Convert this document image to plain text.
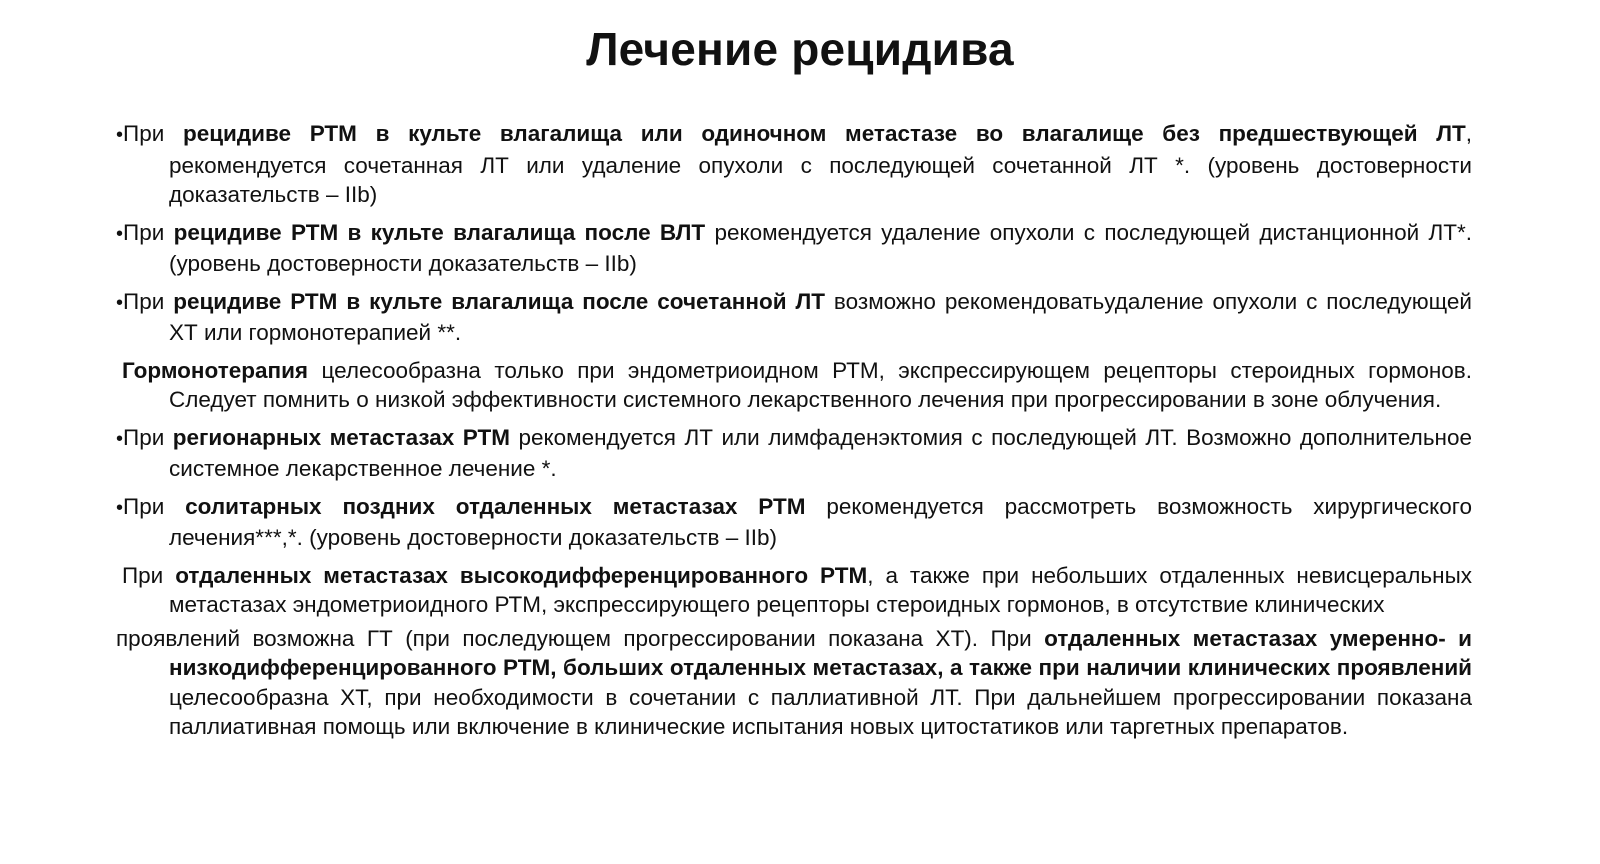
Лечение рецидива

•При рецидиве РТМ в культе влагалища или одиночном метастазе во влагалище без предшествующей ЛТ, рекомендуется сочетанная ЛТ или удаление опухоли с последующей сочетанной ЛТ *. (уровень достоверности доказательств – IIb)

•При рецидиве РТМ в культе влагалища после ВЛТ рекомендуется удаление опухоли с последующей дистанционной ЛТ*. (уровень достоверности доказательств – IIb)

•При рецидиве РТМ в культе влагалища после сочетанной ЛТ возможно рекомендоватьудаление опухоли с последующей ХТ или гормонотерапией **.

Гормонотерапия целесообразна только при эндометриоидном РТМ, экспрессирующем рецепторы стероидных гормонов. Следует помнить о низкой эффективности системного лекарственного лечения при прогрессировании в зоне облучения.

•При регионарных метастазах РТМ рекомендуется ЛТ или лимфаденэктомия с последующей ЛТ. Возможно дополнительное системное лекарственное лечение *.

•При солитарных поздних отдаленных метастазах РТМ рекомендуется рассмотреть возможность хирургического лечения***,*. (уровень достоверности доказательств – IIb)

При отдаленных метастазах высокодифференцированного РТМ, а также при небольших отдаленных невисцеральных метастазах эндометриоидного РТМ, экспрессирующего рецепторы стероидных гормонов, в отсутствие клинических

проявлений возможна ГТ (при последующем прогрессировании показана ХТ). При отдаленных метастазах умеренно- и низкодифференцированного РТМ, больших отдаленных метастазах, а также при наличии клинических проявлений целесообразна ХТ, при необходимости в сочетании с паллиативной ЛТ. При дальнейшем прогрессировании показана паллиативная помощь или включение в клинические испытания новых цитостатиков или таргетных препаратов.
